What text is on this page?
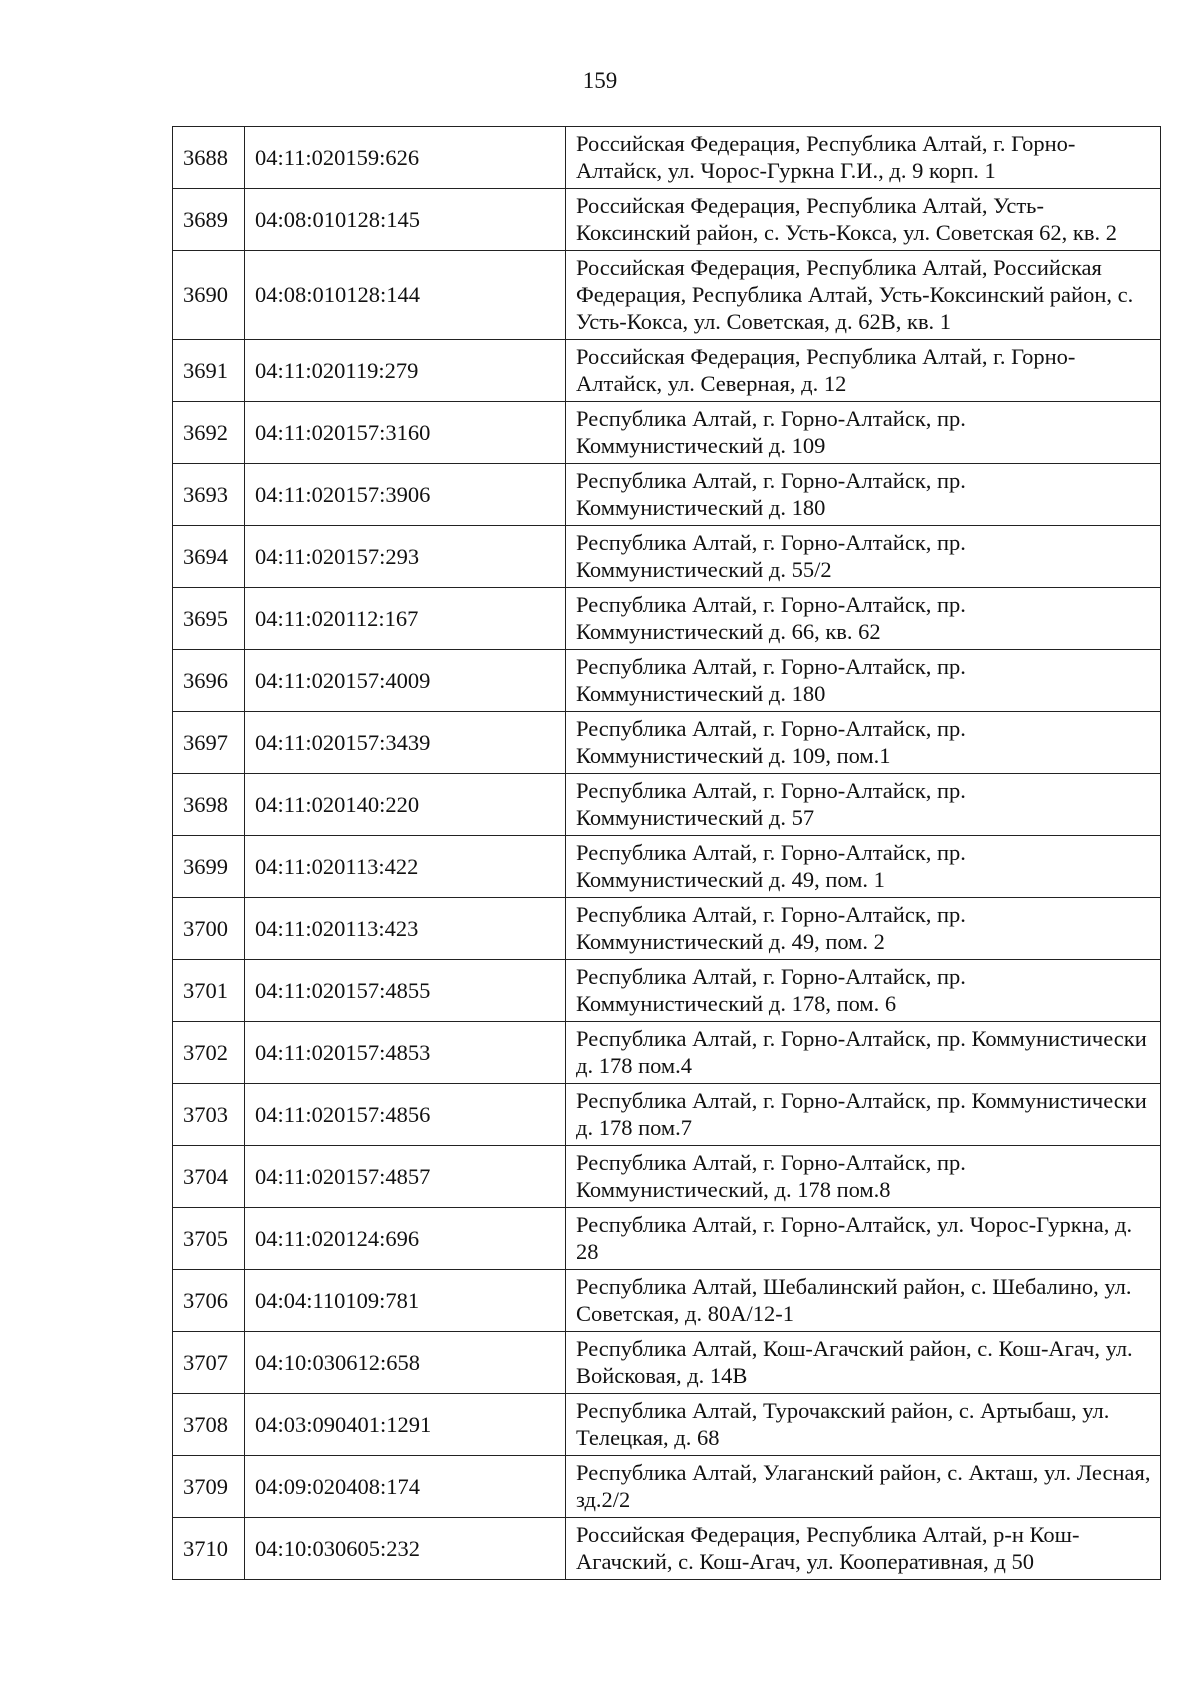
159
3688	04:11:020159:626	Российская Федерация, Республика Алтай, г. Горно-Алтайск, ул. Чорос-Гуркна Г.И., д. 9 корп. 1
3689	04:08:010128:145	Российская Федерация, Республика Алтай, Усть-Коксинский район, с. Усть-Кокса, ул. Советская 62, кв. 2
3690	04:08:010128:144	Российская Федерация, Республика Алтай, Российская Федерация, Республика Алтай, Усть-Коксинский район, с. Усть-Кокса, ул. Советская, д. 62В, кв. 1
3691	04:11:020119:279	Российская Федерация, Республика Алтай, г. Горно-Алтайск, ул. Северная, д. 12
3692	04:11:020157:3160	Республика Алтай, г. Горно-Алтайск, пр. Коммунистический д. 109
3693	04:11:020157:3906	Республика Алтай, г. Горно-Алтайск, пр. Коммунистический д. 180
3694	04:11:020157:293	Республика Алтай, г. Горно-Алтайск, пр. Коммунистический д. 55/2
3695	04:11:020112:167	Республика Алтай, г. Горно-Алтайск, пр. Коммунистический д. 66, кв. 62
3696	04:11:020157:4009	Республика Алтай, г. Горно-Алтайск, пр. Коммунистический д. 180
3697	04:11:020157:3439	Республика Алтай, г. Горно-Алтайск, пр. Коммунистический д. 109, пом.1
3698	04:11:020140:220	Республика Алтай, г. Горно-Алтайск, пр. Коммунистический д. 57
3699	04:11:020113:422	Республика Алтай, г. Горно-Алтайск, пр. Коммунистический д. 49, пом. 1
3700	04:11:020113:423	Республика Алтай, г. Горно-Алтайск, пр. Коммунистический д. 49, пом. 2
3701	04:11:020157:4855	Республика Алтай, г. Горно-Алтайск, пр. Коммунистический д. 178, пом. 6
3702	04:11:020157:4853	Республика Алтай, г. Горно-Алтайск, пр. Коммунистически д. 178 пом.4
3703	04:11:020157:4856	Республика Алтай, г. Горно-Алтайск, пр. Коммунистически д. 178 пом.7
3704	04:11:020157:4857	Республика Алтай, г. Горно-Алтайск, пр. Коммунистический, д. 178 пом.8
3705	04:11:020124:696	Республика Алтай, г. Горно-Алтайск, ул. Чорос-Гуркна, д. 28
3706	04:04:110109:781	Республика Алтай, Шебалинский район, с. Шебалино, ул. Советская, д. 80А/12-1
3707	04:10:030612:658	Республика Алтай, Кош-Агачский район, с. Кош-Агач, ул. Войсковая, д. 14В
3708	04:03:090401:1291	Республика Алтай, Турочакский район, с. Артыбаш, ул. Телецкая, д. 68
3709	04:09:020408:174	Республика Алтай, Улаганский район, с. Акташ, ул. Лесная, зд.2/2
3710	04:10:030605:232	Российская Федерация, Республика Алтай, р-н Кош-Агачский, с. Кош-Агач, ул. Кооперативная, д 50
